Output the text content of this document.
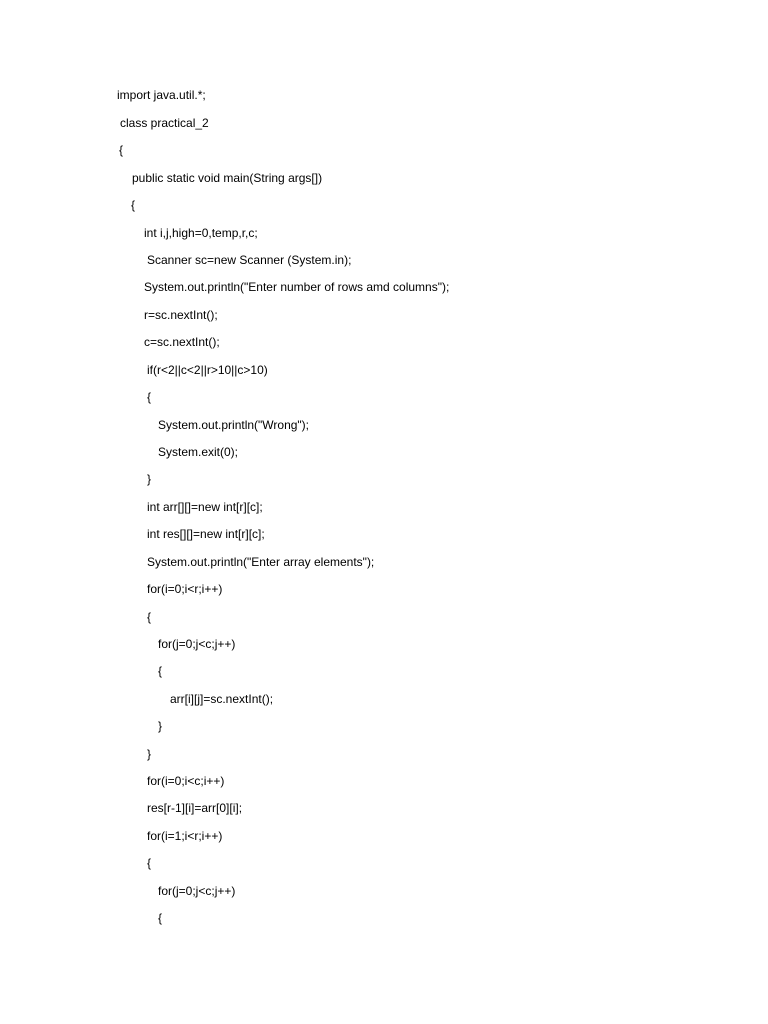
import java.util.*;
class practical_2
{
public static void main(String args[])
{
int i,j,high=0,temp,r,c;
Scanner sc=new Scanner (System.in);
System.out.println("Enter number of rows amd columns");
r=sc.nextInt();
c=sc.nextInt();
if(r<2||c<2||r>10||c>10)
{
System.out.println("Wrong");
System.exit(0);
}
int arr[][]=new int[r][c];
int res[][]=new int[r][c];
System.out.println("Enter array elements");
for(i=0;i<r;i++)
{
for(j=0;j<c;j++)
{
arr[i][j]=sc.nextInt();
}
}
for(i=0;i<c;i++)
res[r-1][i]=arr[0][i];
for(i=1;i<r;i++)
{
for(j=0;j<c;j++)
{
